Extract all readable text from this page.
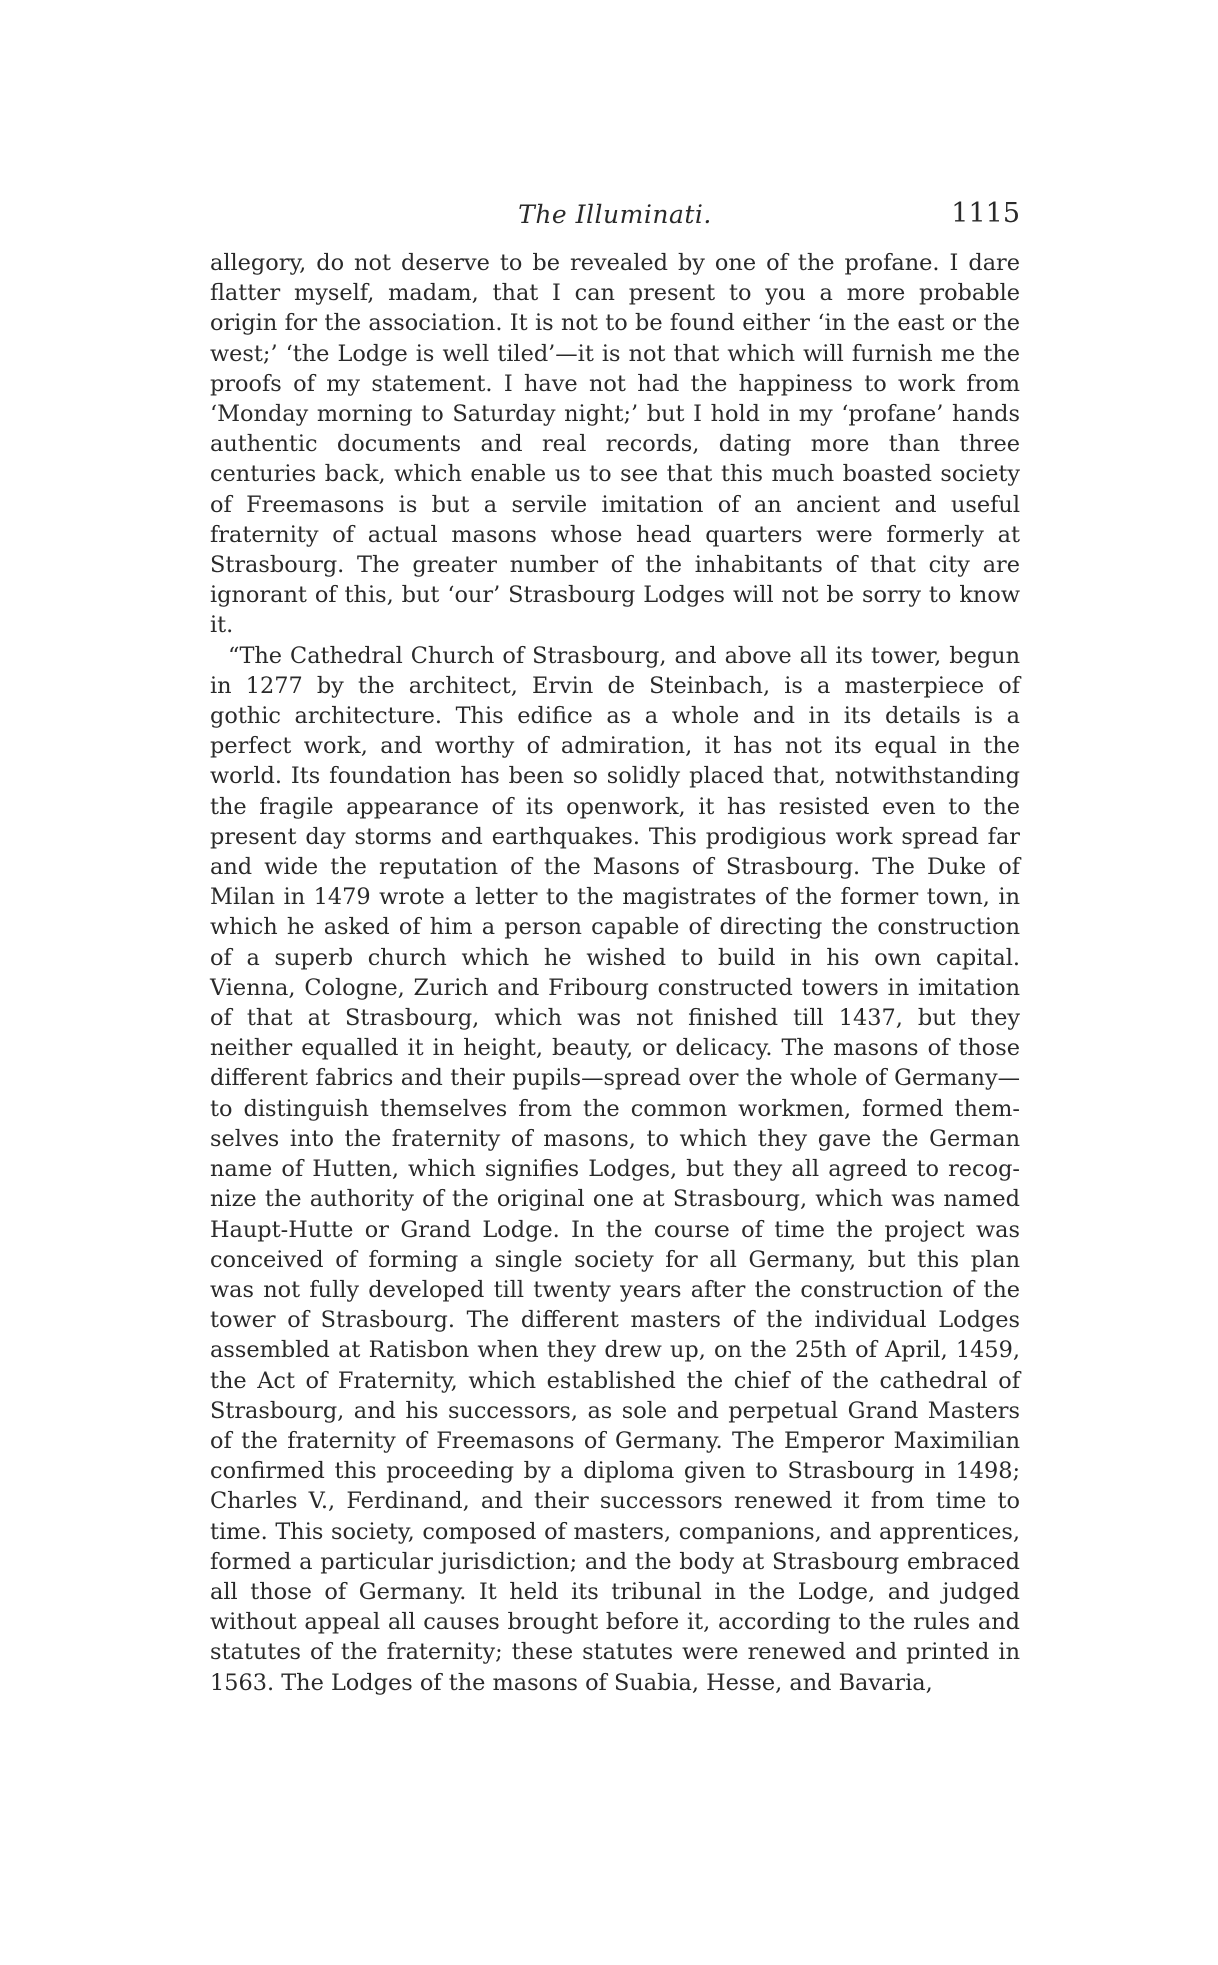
The Illuminati.	1115

allegory, do not deserve to be revealed by one of the profane. I dare flatter myself, madam, that I can present to you a more probable origin for the association. It is not to be found either ‘in the east or the west;’ ‘the Lodge is well tiled’—it is not that which will furnish me the proofs of my statement. I have not had the happiness to work from ‘Monday morning to Saturday night;’ but I hold in my ‘profane’ hands authentic documents and real records, dating more than three centuries back, which enable us to see that this much boasted society of Freemasons is but a servile imitation of an ancient and useful fraternity of actual masons whose head quarters were formerly at Strasbourg. The greater number of the inhabitants of that city are ignorant of this, but ‘our’ Strasbourg Lodges will not be sorry to know it.

“The Cathedral Church of Strasbourg, and above all its tower, begun in 1277 by the architect, Ervin de Steinbach, is a masterpiece of gothic architecture. This edifice as a whole and in its details is a perfect work, and worthy of admiration, it has not its equal in the world. Its foundation has been so solidly placed that, notwithstanding the fragile appearance of its openwork, it has resisted even to the present day storms and earthquakes. This prodigious work spread far and wide the reputation of the Masons of Strasbourg. The Duke of Milan in 1479 wrote a letter to the magistrates of the former town, in which he asked of him a person capable of directing the construction of a superb church which he wished to build in his own capital. Vienna, Cologne, Zurich and Fribourg constructed towers in imitation of that at Strasbourg, which was not finished till 1437, but they neither equalled it in height, beauty, or delicacy. The masons of those different fabrics and their pupils—spread over the whole of Germany—to distinguish themselves from the common workmen, formed themselves into the fraternity of masons, to which they gave the German name of Hutten, which signifies Lodges, but they all agreed to recognize the authority of the original one at Strasbourg, which was named Haupt-Hutte or Grand Lodge. In the course of time the project was conceived of forming a single society for all Germany, but this plan was not fully developed till twenty years after the construction of the tower of Strasbourg. The different masters of the individual Lodges assembled at Ratisbon when they drew up, on the 25th of April, 1459, the Act of Fraternity, which established the chief of the cathedral of Strasbourg, and his successors, as sole and perpetual Grand Masters of the fraternity of Freemasons of Germany. The Emperor Maximilian confirmed this proceeding by a diploma given to Strasbourg in 1498; Charles V., Ferdinand, and their successors renewed it from time to time. This society, composed of masters, companions, and apprentices, formed a particular jurisdiction; and the body at Strasbourg embraced all those of Germany. It held its tribunal in the Lodge, and judged without appeal all causes brought before it, according to the rules and statutes of the fraternity; these statutes were renewed and printed in 1563. The Lodges of the masons of Suabia, Hesse, and Bavaria,
